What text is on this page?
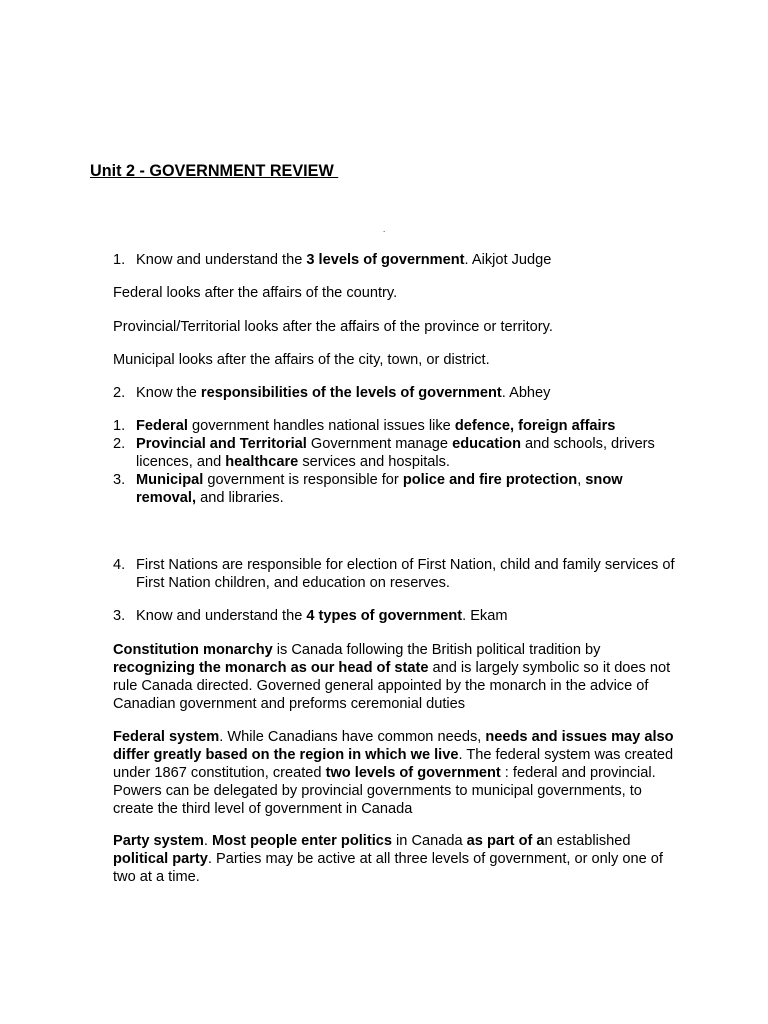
Unit 2 - GOVERNMENT REVIEW
.
1. Know and understand the 3 levels of government. Aikjot Judge
Federal looks after the affairs of the country.
Provincial/Territorial looks after the affairs of the province or territory.
Municipal looks after the affairs of the city, town, or district.
2. Know the responsibilities of the levels of government. Abhey
1. Federal government handles national issues like defence, foreign affairs
2. Provincial and Territorial Government manage education and schools, drivers licences, and healthcare services and hospitals.
3. Municipal government is responsible for police and fire protection, snow removal, and libraries.
4. First Nations are responsible for election of First Nation, child and family services of First Nation children, and education on reserves.
3. Know and understand the 4 types of government. Ekam
Constitution monarchy is Canada following the British political tradition by recognizing the monarch as our head of state and is largely symbolic so it does not rule Canada directed. Governed general appointed by the monarch in the advice of Canadian government and preforms ceremonial duties
Federal system. While Canadians have common needs, needs and issues may also differ greatly based on the region in which we live. The federal system was created under 1867 constitution, created two levels of government : federal and provincial. Powers can be delegated by provincial governments to municipal governments, to create the third level of government in Canada
Party system. Most people enter politics in Canada as part of an established political party. Parties may be active at all three levels of government, or only one of two at a time.
